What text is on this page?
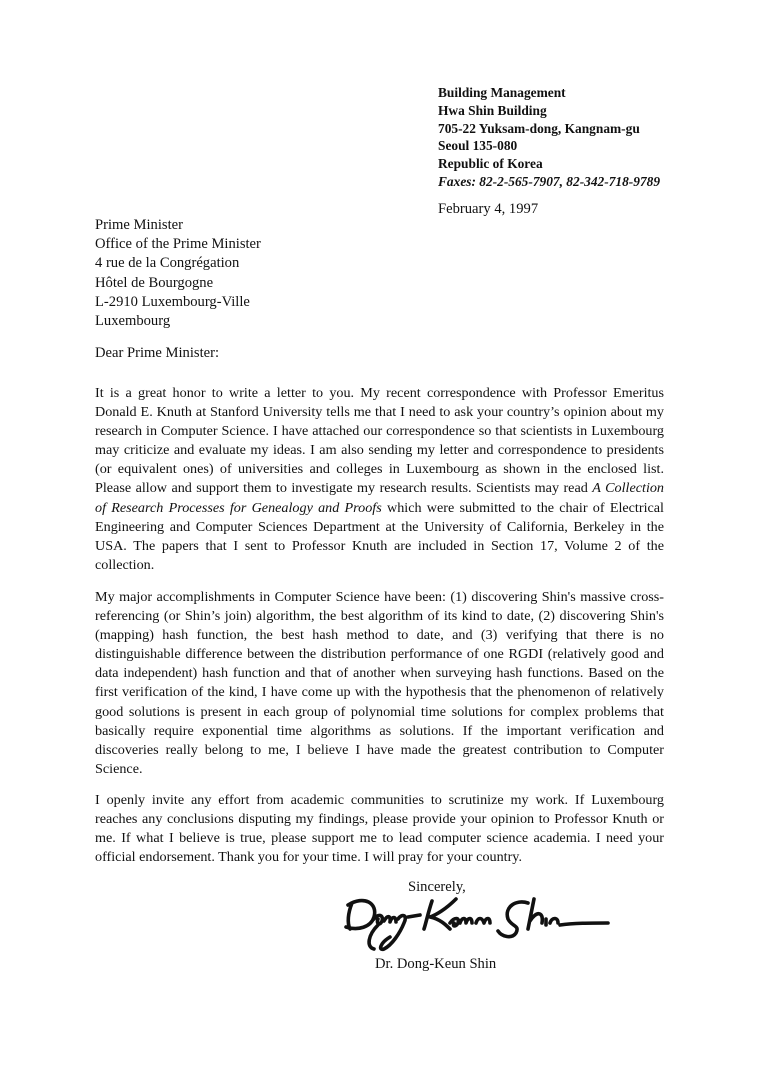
Building Management
Hwa Shin Building
705-22 Yuksam-dong, Kangnam-gu
Seoul 135-080
Republic of Korea
Faxes: 82-2-565-7907, 82-342-718-9789
February 4, 1997
Prime Minister
Office of the Prime Minister
4 rue de la Congrégation
Hôtel de Bourgogne
L-2910 Luxembourg-Ville
Luxembourg
Dear Prime Minister:

It is a great honor to write a letter to you. My recent correspondence with Professor Emeritus Donald E. Knuth at Stanford University tells me that I need to ask your country’s opinion about my research in Computer Science. I have attached our correspondence so that scientists in Luxembourg may criticize and evaluate my ideas. I am also sending my letter and correspondence to presidents (or equivalent ones) of universities and colleges in Luxembourg as shown in the enclosed list. Please allow and support them to investigate my research results. Scientists may read A Collection of Research Processes for Genealogy and Proofs which were submitted to the chair of Electrical Engineering and Computer Sciences Department at the University of California, Berkeley in the USA. The papers that I sent to Professor Knuth are included in Section 17, Volume 2 of the collection.

My major accomplishments in Computer Science have been: (1) discovering Shin's massive cross-referencing (or Shin’s join) algorithm, the best algorithm of its kind to date, (2) discovering Shin's (mapping) hash function, the best hash method to date, and (3) verifying that there is no distinguishable difference between the distribution performance of one RGDI (relatively good and data independent) hash function and that of another when surveying hash functions. Based on the first verification of the kind, I have come up with the hypothesis that the phenomenon of relatively good solutions is present in each group of polynomial time solutions for complex problems that basically require exponential time algorithms as solutions. If the important verification and discoveries really belong to me, I believe I have made the greatest contribution to Computer Science.

I openly invite any effort from academic communities to scrutinize my work. If Luxembourg reaches any conclusions disputing my findings, please provide your opinion to Professor Knuth or me. If what I believe is true, please support me to lead computer science academia. I need your official endorsement. Thank you for your time. I will pray for your country.

Sincerely,
Dr. Dong-Keun Shin
